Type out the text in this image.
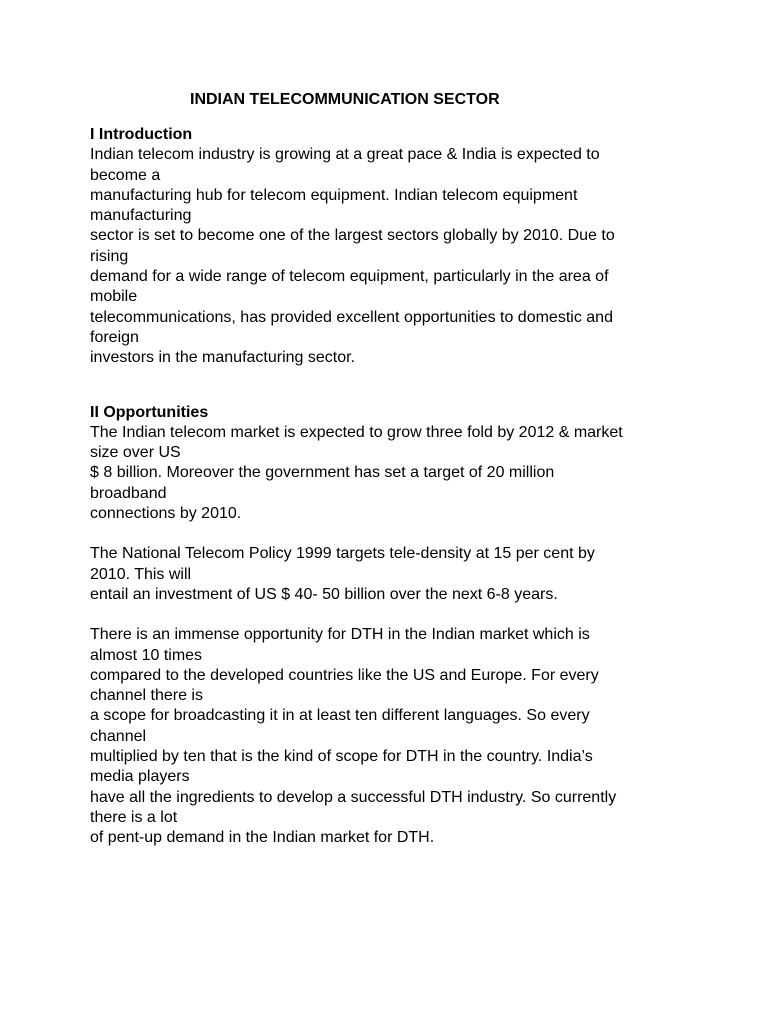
INDIAN TELECOMMUNICATION SECTOR
I Introduction
Indian telecom industry is growing at a great pace & India is expected to
become a
manufacturing hub for telecom equipment. Indian telecom equipment
manufacturing
sector is set to become one of the largest sectors globally by 2010. Due to
rising
demand for a wide range of telecom equipment, particularly in the area of
mobile
telecommunications, has provided excellent opportunities to domestic and
foreign
investors in the manufacturing sector.
II Opportunities
The Indian telecom market is expected to grow three fold by 2012 & market
size over US
$ 8 billion. Moreover the government has set a target of 20 million
broadband
connections by 2010.
The National Telecom Policy 1999 targets tele-density at 15 per cent by
2010. This will
entail an investment of US $ 40- 50 billion over the next 6-8 years.
There is an immense opportunity for DTH in the Indian market which is
almost 10 times
compared to the developed countries like the US and Europe. For every
channel there is
a scope for broadcasting it in at least ten different languages. So every
channel
multiplied by ten that is the kind of scope for DTH in the country. India’s
media players
have all the ingredients to develop a successful DTH industry. So currently
there is a lot
of pent-up demand in the Indian market for DTH.
